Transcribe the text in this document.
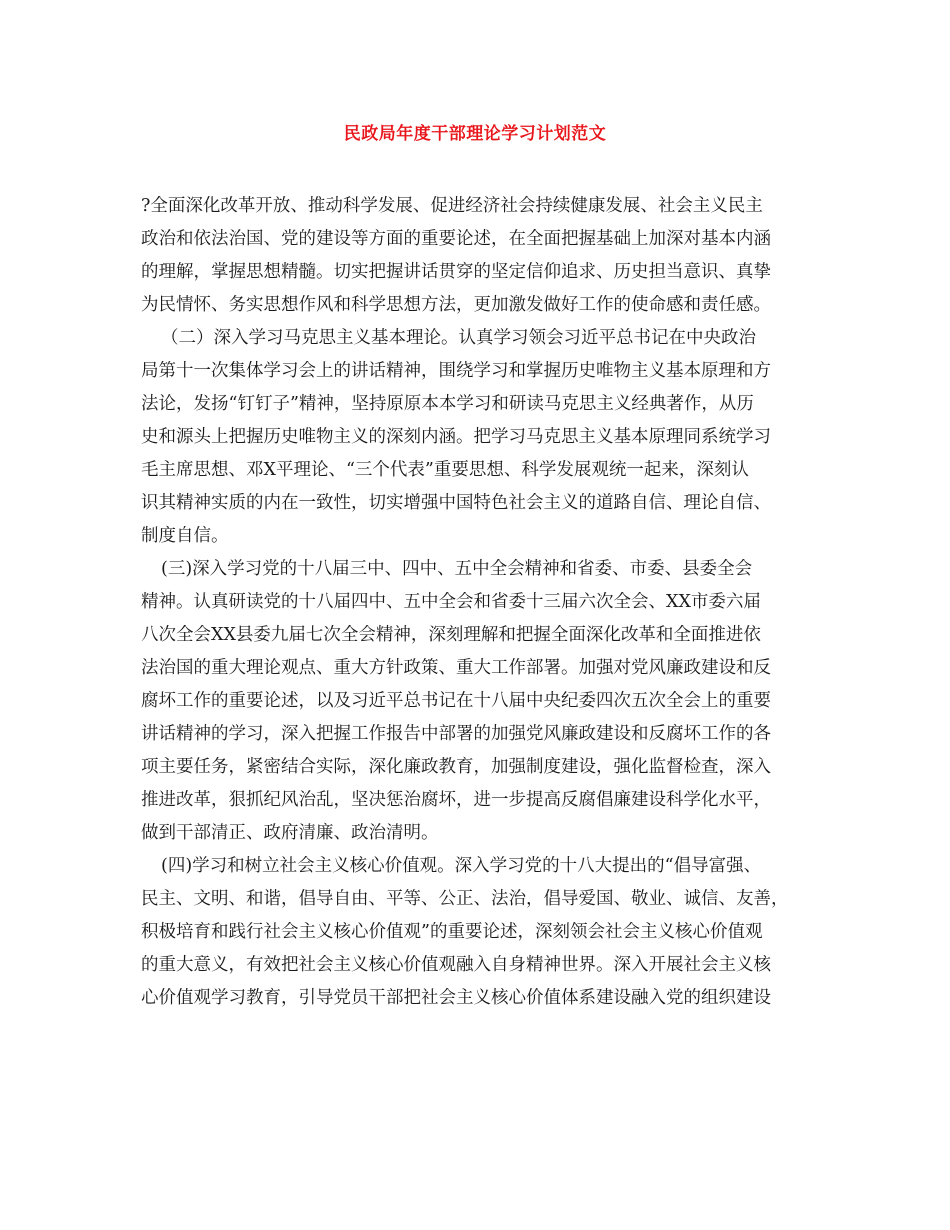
民政局年度干部理论学习计划范文

?全面深化改革开放、推动科学发展、促进经济社会持续健康发展、社会主义民主
政治和依法治国、党的建设等方面的重要论述，在全面把握基础上加深对基本内涵
的理解，掌握思想精髓。切实把握讲话贯穿的坚定信仰追求、历史担当意识、真挚
为民情怀、务实思想作风和科学思想方法，更加激发做好工作的使命感和责任感。

（二）深入学习马克思主义基本理论。认真学习领会习近平总书记在中央政治
局第十一次集体学习会上的讲话精神，围绕学习和掌握历史唯物主义基本原理和方
法论，发扬“钉钉子”精神，坚持原原本本学习和研读马克思主义经典著作，从历
史和源头上把握历史唯物主义的深刻内涵。把学习马克思主义基本原理同系统学习
毛主席思想、邓X平理论、“三个代表”重要思想、科学发展观统一起来，深刻认
识其精神实质的内在一致性，切实增强中国特色社会主义的道路自信、理论自信、
制度自信。

(三)深入学习党的十八届三中、四中、五中全会精神和省委、市委、县委全会
精神。认真研读党的十八届四中、五中全会和省委十三届六次全会、XX市委六届
八次全会XX县委九届七次全会精神，深刻理解和把握全面深化改革和全面推进依
法治国的重大理论观点、重大方针政策、重大工作部署。加强对党风廉政建设和反
腐坏工作的重要论述，以及习近平总书记在十八届中央纪委四次五次全会上的重要
讲话精神的学习，深入把握工作报告中部署的加强党风廉政建设和反腐坏工作的各
项主要任务，紧密结合实际，深化廉政教育，加强制度建设，强化监督检查，深入
推进改革，狠抓纪风治乱，坚决惩治腐坏，进一步提高反腐倡廉建设科学化水平，
做到干部清正、政府清廉、政治清明。

(四)学习和树立社会主义核心价值观。深入学习党的十八大提出的“倡导富强、
民主、文明、和谐，倡导自由、平等、公正、法治，倡导爱国、敬业、诚信、友善，
积极培育和践行社会主义核心价值观”的重要论述，深刻领会社会主义核心价值观
的重大意义，有效把社会主义核心价值观融入自身精神世界。深入开展社会主义核
心价值观学习教育，引导党员干部把社会主义核心价值体系建设融入党的组织建设
